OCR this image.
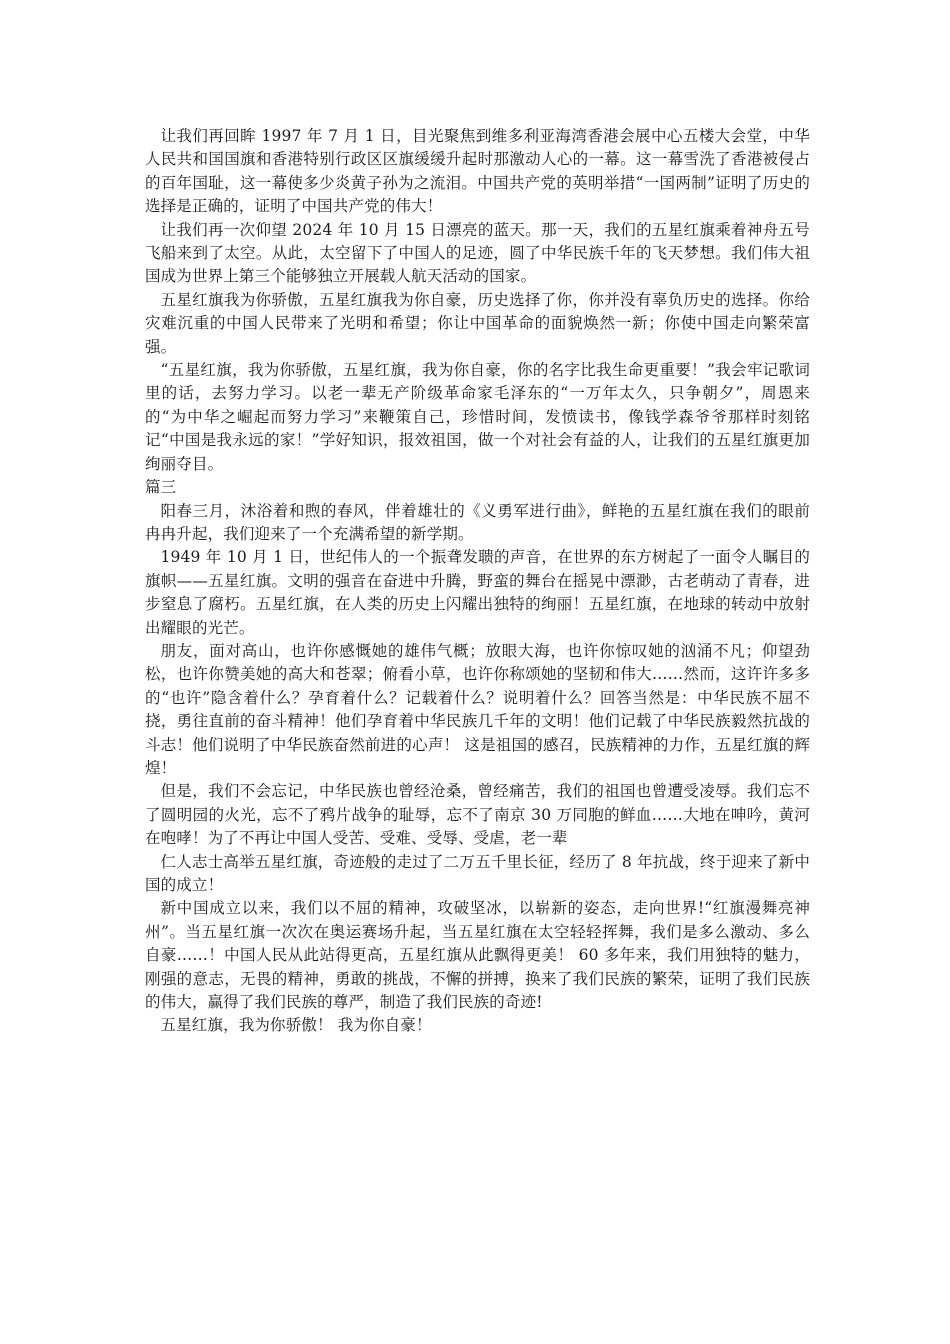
让我们再回眸 1997 年 7 月 1 日，目光聚焦到维多利亚海湾香港会展中心五楼大会堂，中华人民共和国国旗和香港特别行政区区旗缓缓升起时那激动人心的一幕。这一幕雪洗了香港被侵占的百年国耻，这一幕使多少炎黄子孙为之流泪。中国共产党的英明举措“一国两制”证明了历史的选择是正确的，证明了中国共产党的伟大！

让我们再一次仰望 2024 年 10 月 15 日漂亮的蓝天。那一天，我们的五星红旗乘着神舟五号飞船来到了太空。从此，太空留下了中国人的足迹，圆了中华民族千年的飞天梦想。我们伟大祖国成为世界上第三个能够独立开展载人航天活动的国家。

五星红旗我为你骄傲，五星红旗我为你自豪，历史选择了你，你并没有辜负历史的选择。你给灾难沉重的中国人民带来了光明和希望；你让中国革命的面貌焕然一新；你使中国走向繁荣富强。

“五星红旗，我为你骄傲，五星红旗，我为你自豪，你的名字比我生命更重要！”我会牢记歌词里的话，去努力学习。以老一辈无产阶级革命家毛泽东的“一万年太久，只争朝夕”，周恩来的“为中华之崛起而努力学习”来鞭策自己，珍惜时间，发愤读书，像钱学森爷爷那样时刻铭记“中国是我永远的家！”学好知识，报效祖国，做一个对社会有益的人，让我们的五星红旗更加绚丽夺目。

篇三

阳春三月，沐浴着和煦的春风，伴着雄壮的《义勇军进行曲》，鲜艳的五星红旗在我们的眼前冉冉升起，我们迎来了一个充满希望的新学期。

1949 年 10 月 1 日，世纪伟人的一个振聋发聩的声音，在世界的东方树起了一面令人瞩目的旗帜——五星红旗。文明的强音在奋进中升腾，野蛮的舞台在摇晃中漂渺，古老萌动了青春，进步窒息了腐朽。五星红旗，在人类的历史上闪耀出独特的绚丽！五星红旗，在地球的转动中放射出耀眼的光芒。

朋友，面对高山，也许你感慨她的雄伟气概；放眼大海，也许你惊叹她的汹涌不凡；仰望劲松，也许你赞美她的高大和苍翠；俯看小草，也许你称颂她的坚韧和伟大……然而，这许许多多的“也许”隐含着什么？孕育着什么？记载着什么？说明着什么？回答当然是：中华民族不屈不挠，勇往直前的奋斗精神！他们孕育着中华民族几千年的文明！他们记载了中华民族毅然抗战的斗志！他们说明了中华民族奋然前进的心声！ 这是祖国的感召，民族精神的力作，五星红旗的辉煌！

但是，我们不会忘记，中华民族也曾经沧桑，曾经痛苦，我们的祖国也曾遭受凌辱。我们忘不了圆明园的火光，忘不了鸦片战争的耻辱，忘不了南京 30 万同胞的鲜血……大地在呻吟，黄河在咆哮！为了不再让中国人受苦、受难、受辱、受虐，老一辈

仁人志士高举五星红旗，奇迹般的走过了二万五千里长征，经历了 8 年抗战，终于迎来了新中国的成立！

新中国成立以来，我们以不屈的精神，攻破坚冰，以崭新的姿态，走向世界!“红旗漫舞亮神州”。当五星红旗一次次在奥运赛场升起，当五星红旗在太空轻轻挥舞，我们是多么激动、多么自豪……！中国人民从此站得更高，五星红旗从此飘得更美！ 60 多年来，我们用独特的魅力，刚强的意志，无畏的精神，勇敢的挑战，不懈的拼搏，换来了我们民族的繁荣，证明了我们民族的伟大，赢得了我们民族的尊严，制造了我们民族的奇迹!

五星红旗，我为你骄傲！ 我为你自豪！
